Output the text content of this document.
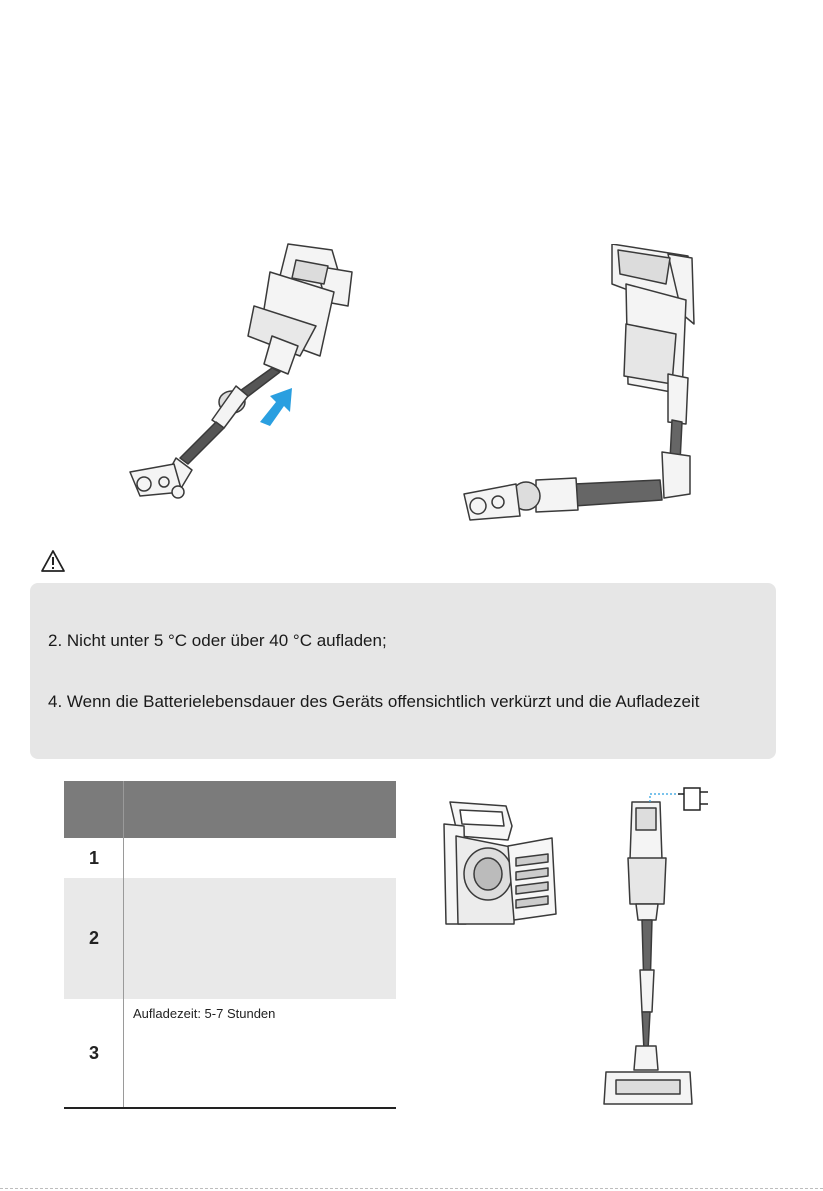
2. Nicht unter 5 °C oder über 40 °C aufladen;
4. Wenn die Batterielebensdauer des Geräts offensichtlich verkürzt und die Aufladezeit
1
2
Aufladezeit: 5-7 Stunden
3
